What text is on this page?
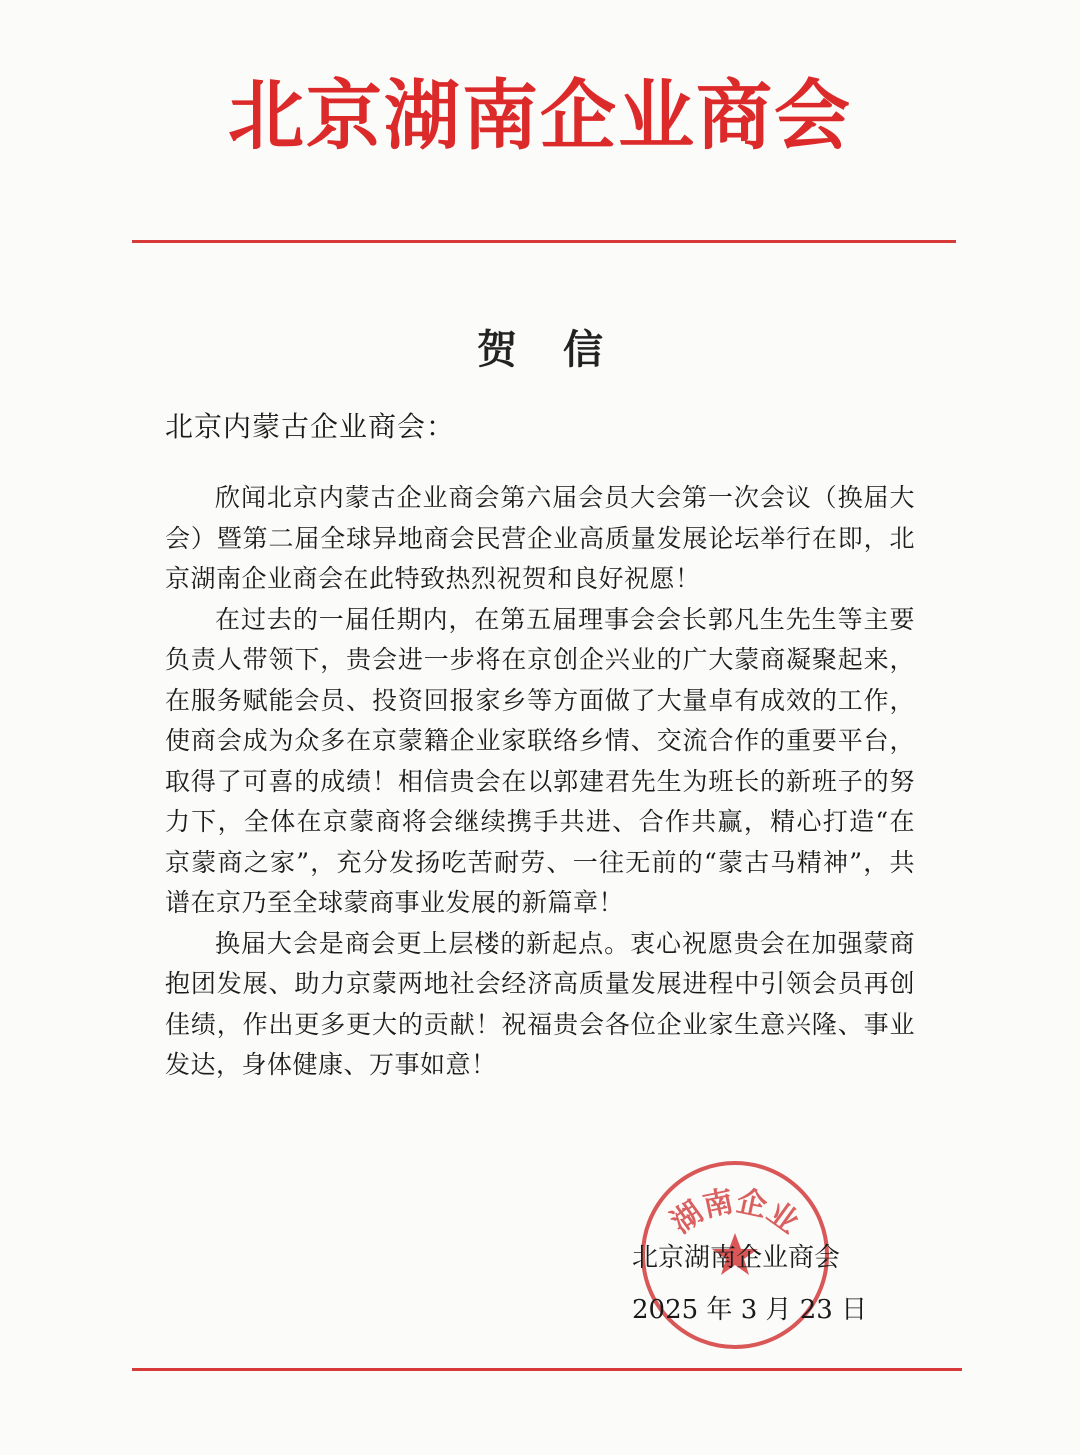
北京湖南企业商会
贺信
北京内蒙古企业商会：

欣闻北京内蒙古企业商会第六届会员大会第一次会议（换届大会）暨第二届全球异地商会民营企业高质量发展论坛举行在即，北京湖南企业商会在此特致热烈祝贺和良好祝愿！

在过去的一届任期内，在第五届理事会会长郭凡生先生等主要负责人带领下，贵会进一步将在京创企兴业的广大蒙商凝聚起来，在服务赋能会员、投资回报家乡等方面做了大量卓有成效的工作，使商会成为众多在京蒙籍企业家联络乡情、交流合作的重要平台，取得了可喜的成绩！相信贵会在以郭建君先生为班长的新班子的努力下，全体在京蒙商将会继续携手共进、合作共赢，精心打造“在京蒙商之家”，充分发扬吃苦耐劳、一往无前的“蒙古马精神”，共谱在京乃至全球蒙商事业发展的新篇章！

换届大会是商会更上层楼的新起点。衷心祝愿贵会在加强蒙商抱团发展、助力京蒙两地社会经济高质量发展进程中引领会员再创佳绩，作出更多更大的贡献！祝福贵会各位企业家生意兴隆、事业发达，身体健康、万事如意！

湖南企业
北京湖南企业商会
2025 年 3 月 23 日
